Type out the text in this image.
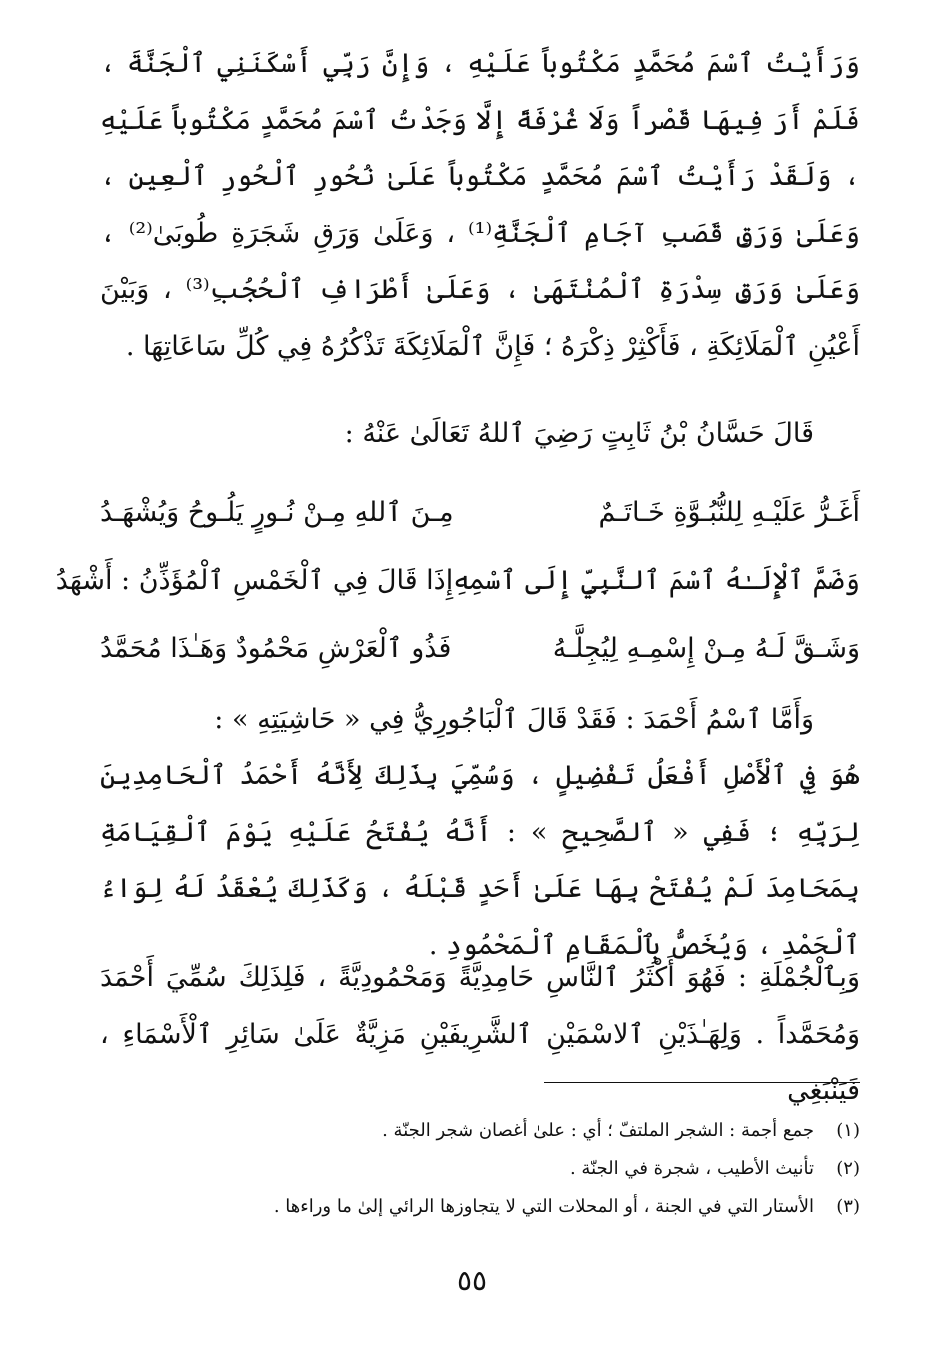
وَرَأَيْتُ ٱسْمَ مُحَمَّدٍ مَكْتُوباً عَلَيْهِ ، وَإِنَّ رَبِّي أَسْكَنَنِي ٱلْجَنَّةَ ، فَلَمْ أَرَ فِيهَا قَصْراً وَلَا غُرْفَةً إِلَّا وَجَدْتُ ٱسْمَ مُحَمَّدٍ مَكْتُوباً عَلَيْهِ ، وَلَقَدْ رَأَيْتُ ٱسْمَ مُحَمَّدٍ مَكْتُوباً عَلَىٰ نُحُورِ ٱلْحُورِ ٱلْعِينِ ، وَعَلَىٰ وَرَقِ قَصَبِ آجَامِ ٱلْجَنَّةِ⁽¹⁾ ، وَعَلَىٰ وَرَقِ شَجَرَةِ طُوبَىٰ⁽²⁾ ، وَعَلَىٰ وَرَقِ سِدْرَةِ ٱلْمُنْتَهَىٰ ، وَعَلَىٰ أَطْرَافِ ٱلْحُجُبِ⁽³⁾ ، وَبَيْنَ أَعْيُنِ ٱلْمَلَائِكَةِ ، فَأَكْثِرْ ذِكْرَهُ ؛ فَإِنَّ ٱلْمَلَائِكَةَ تَذْكُرُهُ فِي كُلِّ سَاعَاتِهَا .

قَالَ حَسَّانُ بْنُ ثَابِتٍ رَضِيَ ٱللهُ تَعَالَىٰ عَنْهُ :

أَغَـرُّ عَلَيْـهِ لِلنُّبُـوَّةِ خَـاتَـمٌ
مِـنَ ٱللهِ مِـنْ نُـورٍ يَلُـوحُ وَيُشْهَـدُ
وَضَمَّ ٱلْإِلَـٰهُ ٱسْمَ ٱلنَّبِيِّ إِلَى ٱسْمِهِ
إِذَا قَالَ فِي ٱلْخَمْسِ ٱلْمُؤَذِّنُ : أَشْهَدُ
وَشَـقَّ لَـهُ مِـنْ إِسْمِـهِ لِيُجِلَّـهُ
فَذُو ٱلْعَرْشِ مَحْمُودٌ وَهَـٰذَا مُحَمَّدُ

وَأَمَّا ٱسْمُ أَحْمَدَ : فَقَدْ قَالَ ٱلْبَاجُورِيُّ فِي « حَاشِيَتِهِ » :

هُوَ فِي ٱلْأَصْلِ أَفْعَلُ تَفْضِيلٍ ، وَسُمِّيَ بِذَلِكَ لِأَنَّهُ أَحْمَدُ ٱلْحَامِدِينَ لِرَبِّهِ ؛ فَفِي « ٱلصَّحِيحِ » : أَنَّهُ يُفْتَحُ عَلَيْهِ يَوْمَ ٱلْقِيَامَةِ بِمَحَامِدَ لَمْ يُفْتَحْ بِهَا عَلَىٰ أَحَدٍ قَبْلَهُ ، وَكَذَلِكَ يُعْقَدُ لَهُ لِوَاءُ ٱلْحَمْدِ ، وَيُخَصُّ بِٱلْمَقَامِ ٱلْمَحْمُودِ .

وَبِٱلْجُمْلَةِ : فَهُوَ أَكْثَرُ ٱلنَّاسِ حَامِدِيَّةً وَمَحْمُودِيَّةً ، فَلِذَلِكَ سُمِّيَ أَحْمَدَ وَمُحَمَّداً . وَلِهَـٰذَيْنِ ٱلاسْمَيْنِ ٱلشَّرِيفَيْنِ مَزِيَّةٌ عَلَىٰ سَائِرِ ٱلْأَسْمَاءِ ، فَيَنْبَغِي

(١)
جمع أجمة : الشجر الملتفّ ؛ أي : علىٰ أغصان شجر الجنّة .
(٢)
تأنيث الأطيب ، شجرة في الجنّة .
(٣)
الأستار التي في الجنة ، أو المحلات التي لا يتجاوزها الرائي إلىٰ ما وراءها .
٥٥
